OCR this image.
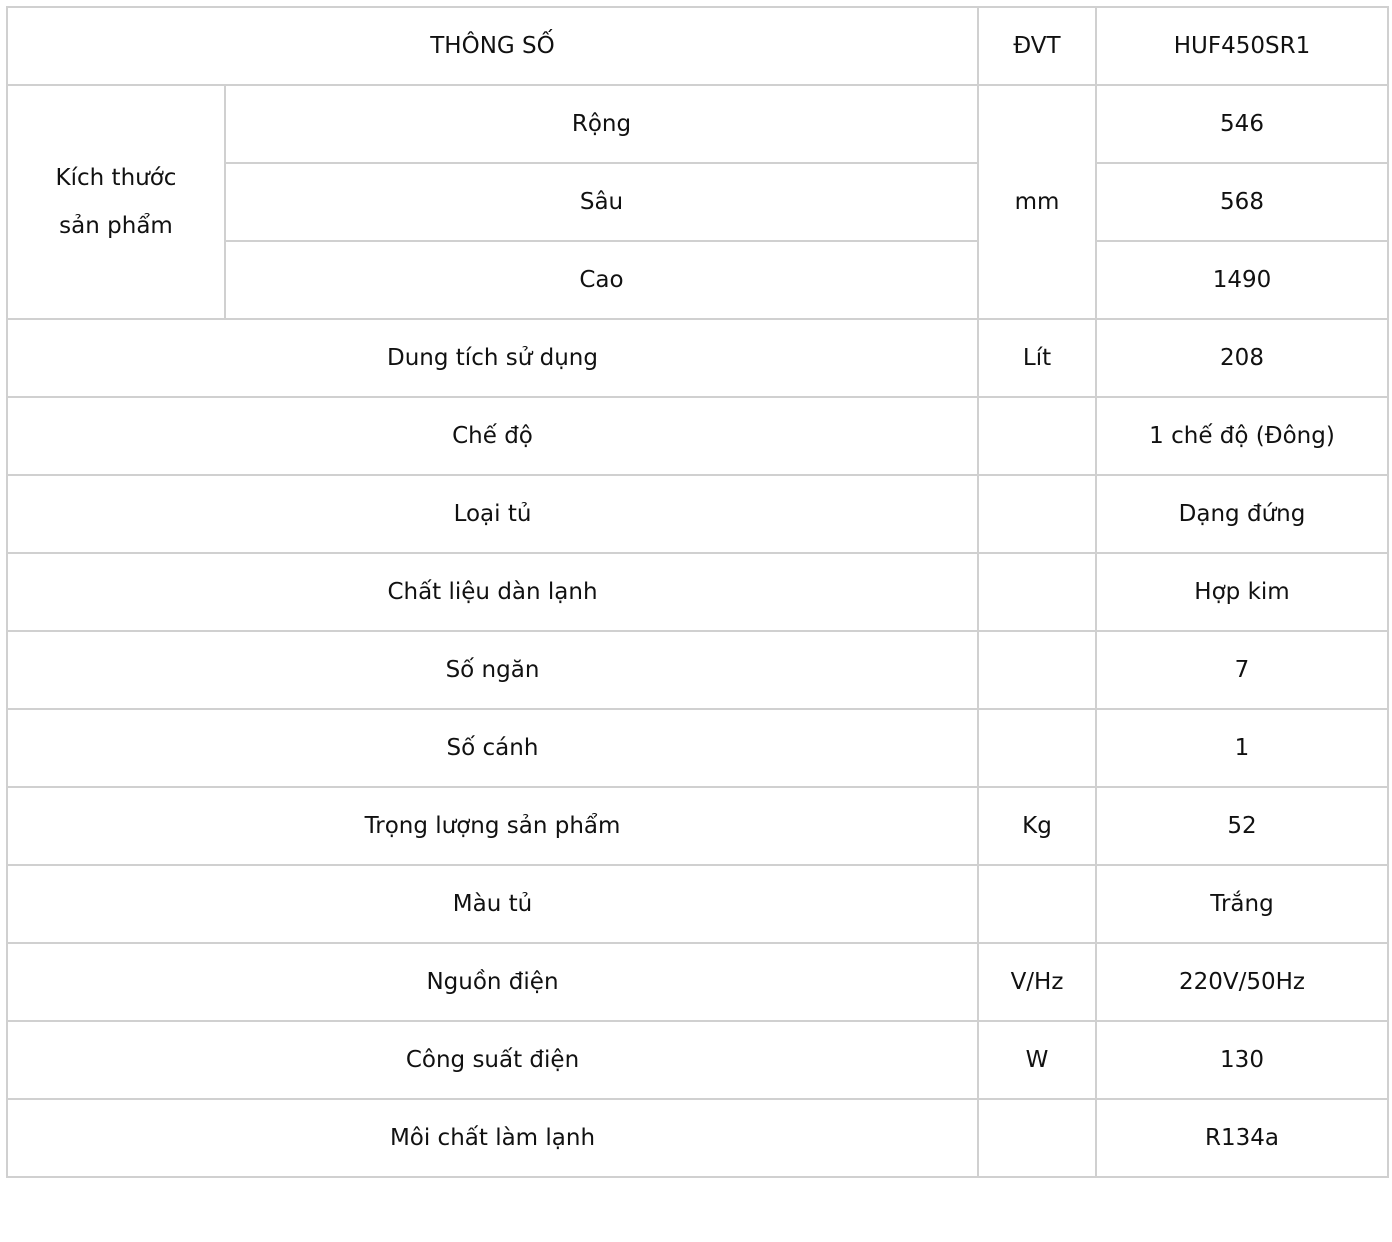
THÔNG SỐ		ĐVT	HUF450SR1

Kích thước
sản phẩm	Rộng	mm	546
	Sâu		568
	Cao		1490
Dung tích sử dụng		Lít	208
Chế độ			1 chế độ (Đông)
Loại tủ			Dạng đứng
Chất liệu dàn lạnh			Hợp kim
Số ngăn			7
Số cánh			1
Trọng lượng sản phẩm		Kg	52
Màu tủ			Trắng
Nguồn điện		V/Hz	220V/50Hz
Công suất điện		W	130
Môi chất làm lạnh			R134a
